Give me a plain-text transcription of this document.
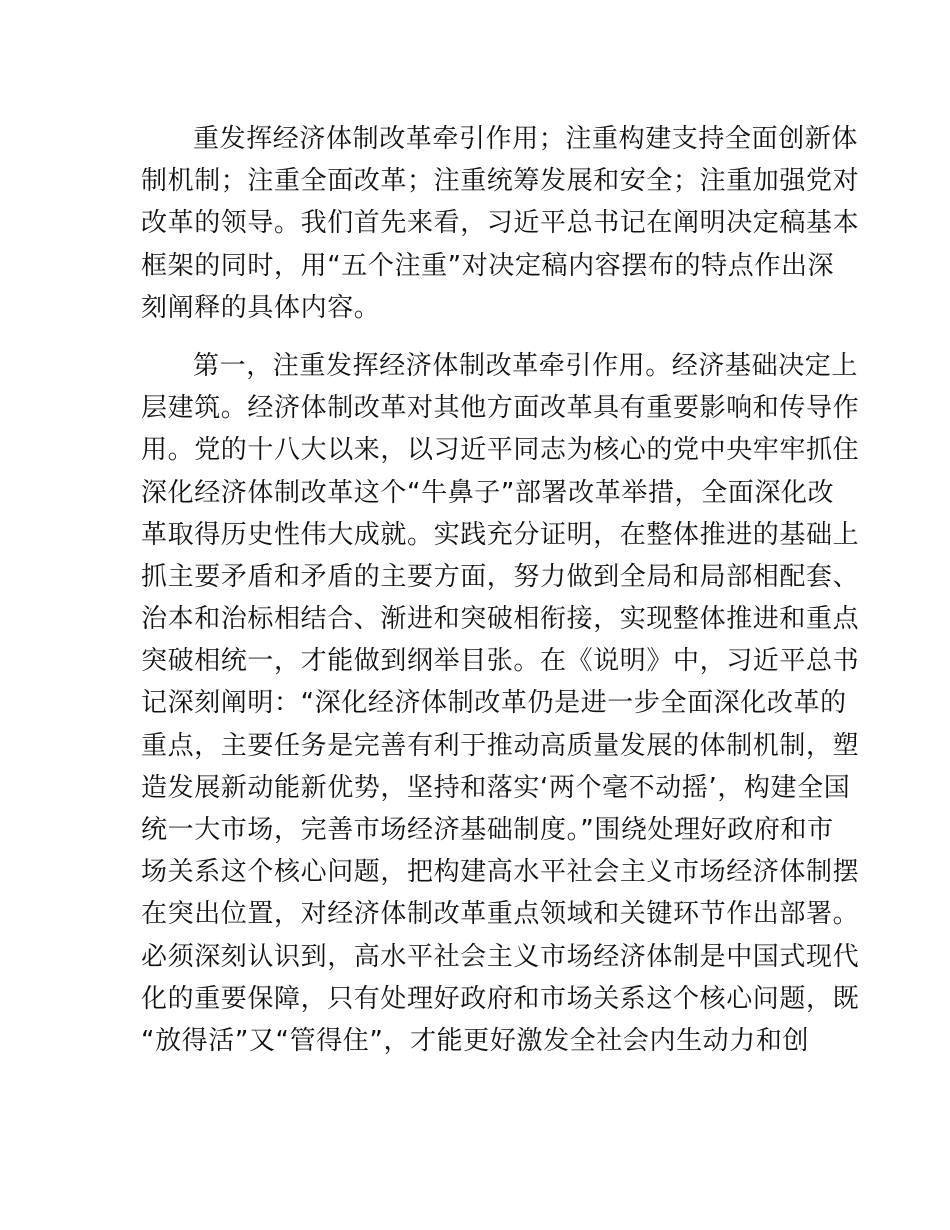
重发挥经济体制改革牵引作用；注重构建支持全面创新体
制机制；注重全面改革；注重统筹发展和安全；注重加强党对
改革的领导。我们首先来看，习近平总书记在阐明决定稿基本
框架的同时，用“五个注重”对决定稿内容摆布的特点作出深
刻阐释的具体内容。

第一，注重发挥经济体制改革牵引作用。经济基础决定上
层建筑。经济体制改革对其他方面改革具有重要影响和传导作
用。党的十八大以来，以习近平同志为核心的党中央牢牢抓住
深化经济体制改革这个“牛鼻子”部署改革举措，全面深化改
革取得历史性伟大成就。实践充分证明，在整体推进的基础上
抓主要矛盾和矛盾的主要方面，努力做到全局和局部相配套、
治本和治标相结合、渐进和突破相衔接，实现整体推进和重点
突破相统一，才能做到纲举目张。在《说明》中，习近平总书
记深刻阐明：“深化经济体制改革仍是进一步全面深化改革的
重点，主要任务是完善有利于推动高质量发展的体制机制，塑
造发展新动能新优势，坚持和落实‘两个毫不动摇’，构建全国
统一大市场，完善市场经济基础制度。”围绕处理好政府和市
场关系这个核心问题，把构建高水平社会主义市场经济体制摆
在突出位置，对经济体制改革重点领域和关键环节作出部署。
必须深刻认识到，高水平社会主义市场经济体制是中国式现代
化的重要保障，只有处理好政府和市场关系这个核心问题，既
“放得活”又“管得住”，才能更好激发全社会内生动力和创
